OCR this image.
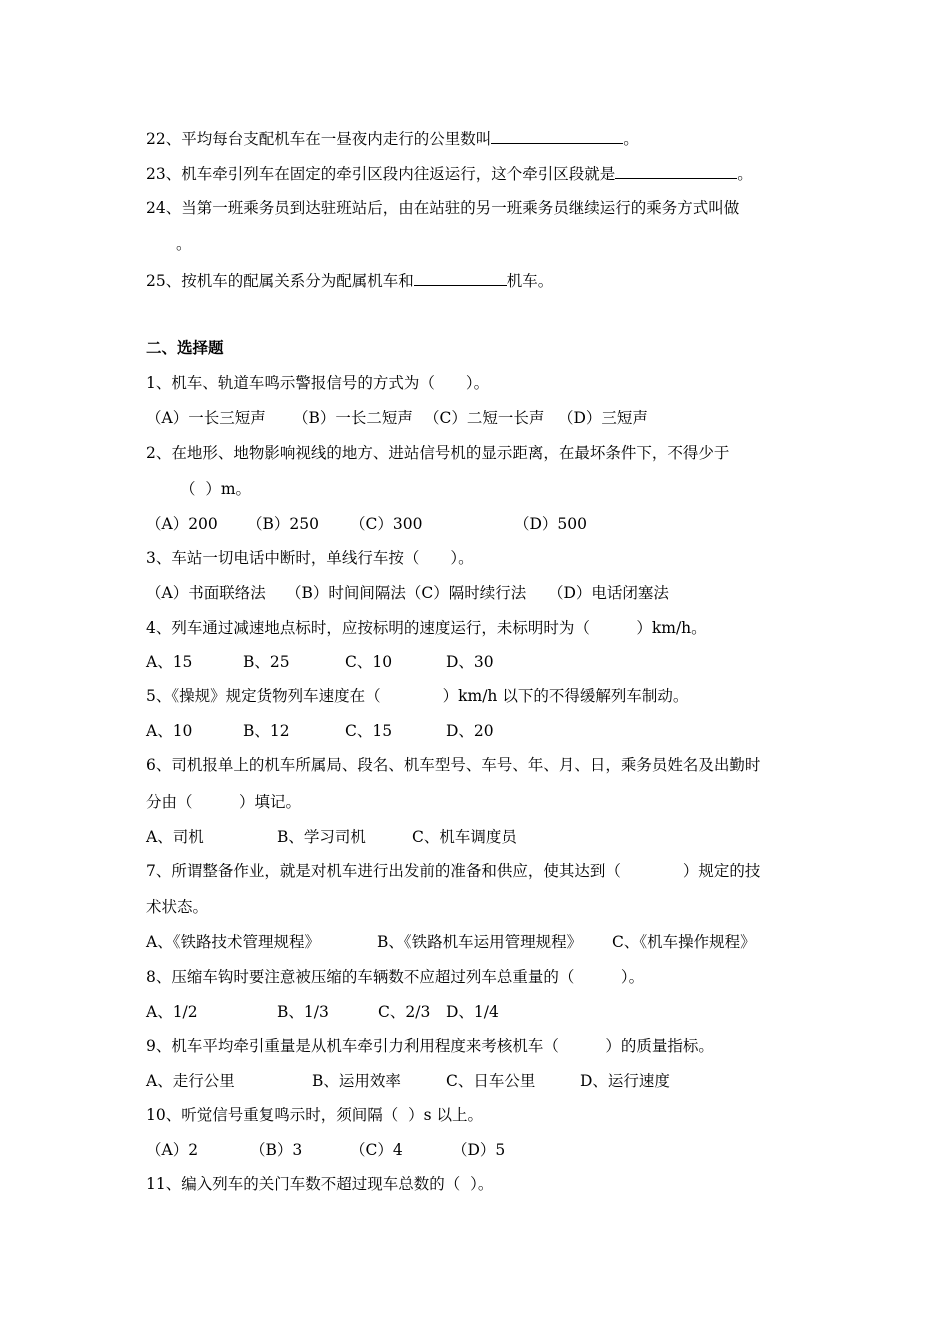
22、平均每台支配机车在一昼夜内走行的公里数叫	。
23、机车牵引列车在固定的牵引区段内往返运行，这个牵引区段就是	。
24、当第一班乘务员到达驻班站后，由在站驻的另一班乘务员继续运行的乘务方式叫做
。
25、按机车的配属关系分为配属机车和	机车。
二、选择题
1、机车、轨道车鸣示警报信号的方式为（　　）。
（A）一长三短声 （B）一长二短声 （C）二短一长声 （D）三短声
2、在地形、地物影响视线的地方、进站信号机的显示距离，在最坏条件下，不得少于
（  ）m。
（A）200 （B）250 （C）300	（D）500
3、车站一切电话中断时，单线行车按（　　）。
（A）书面联络法 （B）时间间隔法（C）隔时续行法 （D）电话闭塞法
4、列车通过减速地点标时，应按标明的速度运行，未标明时为（　　　）km/h。
A、15	B、25	C、10	D、30
5、《操规》规定货物列车速度在（　　　　）km/h 以下的不得缓解列车制动。
A、10	B、12	C、15	D、20
6、司机报单上的机车所属局、段名、机车型号、车号、年、月、日，乘务员姓名及出勤时
分由（　　　）填记。
A、司机	B、学习司机	C、机车调度员
7、所谓整备作业，就是对机车进行出发前的准备和供应，使其达到（　　　　）规定的技
术状态。
A、《铁路技术管理规程》	B、《铁路机车运用管理规程》 C、《机车操作规程》
8、压缩车钩时要注意被压缩的车辆数不应超过列车总重量的（　　　）。
A、1/2	B、1/3	C、2/3 D、1/4
9、机车平均牵引重量是从机车牵引力利用程度来考核机车（　　　）的质量指标。
A、走行公里	B、运用效率	C、日车公里	D、运行速度
10、听觉信号重复鸣示时，须间隔（  ）s 以上。
（A）2	（B）3	（C）4	（D）5
11、编入列车的关门车数不超过现车总数的（  ）。
